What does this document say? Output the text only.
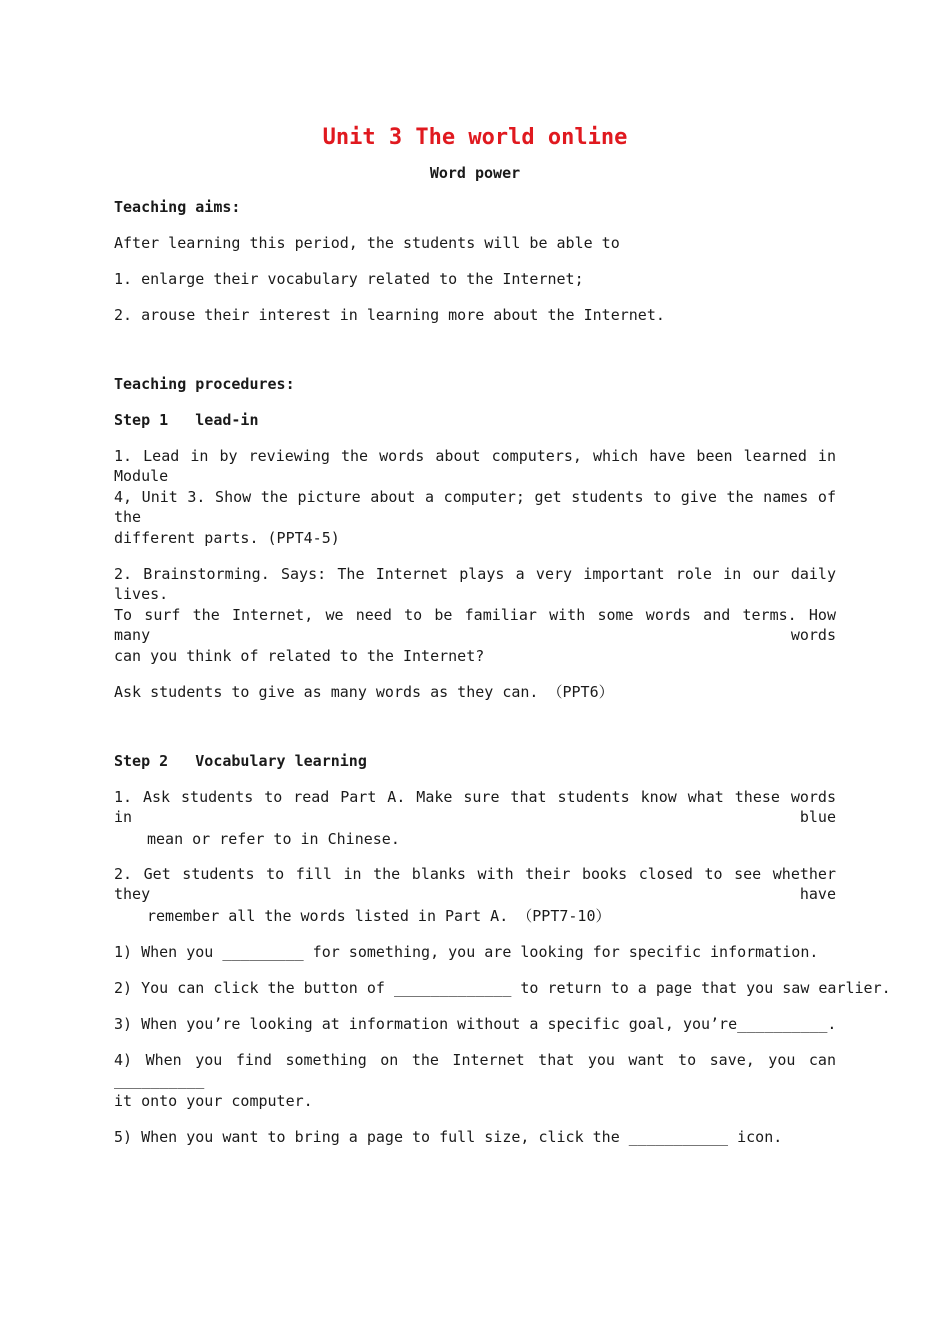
Unit 3 The world online
Word power
Teaching aims:
After learning this period, the students will be able to
1. enlarge their vocabulary related to the Internet;
2. arouse their interest in learning more about the Internet.
Teaching procedures:
Step 1   lead-in
1. Lead in by reviewing the words about computers, which have been learned in Module
4, Unit 3. Show the picture about a computer; get students to give the names of the
different parts. (PPT4-5)
2. Brainstorming. Says: The Internet plays a very important role in our daily lives.
To surf the Internet, we need to be familiar with some words and terms. How many words
can you think of related to the Internet?
Ask students to give as many words as they can. （PPT6）
Step 2   Vocabulary learning
1. Ask students to read Part A. Make sure that students know what these words in blue
mean or refer to in Chinese.
2. Get students to fill in the blanks with their books closed to see whether they have
remember all the words listed in Part A. （PPT7-10）
1) When you _________ for something, you are looking for specific information.
2) You can click the button of _____________ to return to a page that you saw earlier.
3) When you’re looking at information without a specific goal, you’re__________.
4) When you find something on the Internet that you want to save, you can __________
it onto your computer.
5) When you want to bring a page to full size, click the ___________ icon.
